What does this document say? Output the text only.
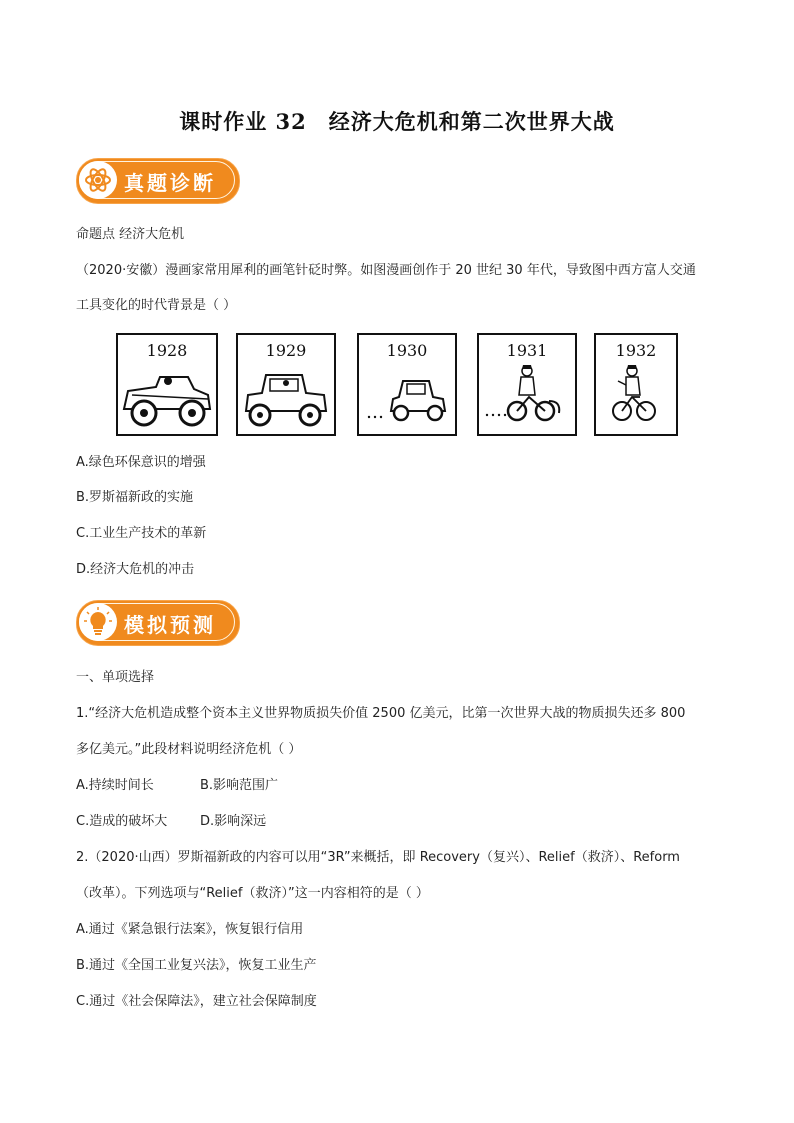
课时作业 32 经济大危机和第二次世界大战
真题诊断
命题点 经济大危机
（2020·安徽）漫画家常用犀利的画笔针砭时弊。如图漫画创作于 20 世纪 30 年代，导致图中西方富人交通
工具变化的时代背景是（ ）
1928	1929	1930	1931	1932
A.绿色环保意识的增强
B.罗斯福新政的实施
C.工业生产技术的革新
D.经济大危机的冲击
模拟预测
一、单项选择
1.“经济大危机造成整个资本主义世界物质损失价值 2500 亿美元，比第一次世界大战的物质损失还多 800
多亿美元。”此段材料说明经济危机（ ）
A.持续时间长	B.影响范围广
C.造成的破坏大	D.影响深远
2.（2020·山西）罗斯福新政的内容可以用“3R”来概括，即 Recovery（复兴）、Relief（救济）、Reform
（改革）。下列选项与“Relief（救济）”这一内容相符的是（ ）
A.通过《紧急银行法案》，恢复银行信用
B.通过《全国工业复兴法》，恢复工业生产
C.通过《社会保障法》，建立社会保障制度
